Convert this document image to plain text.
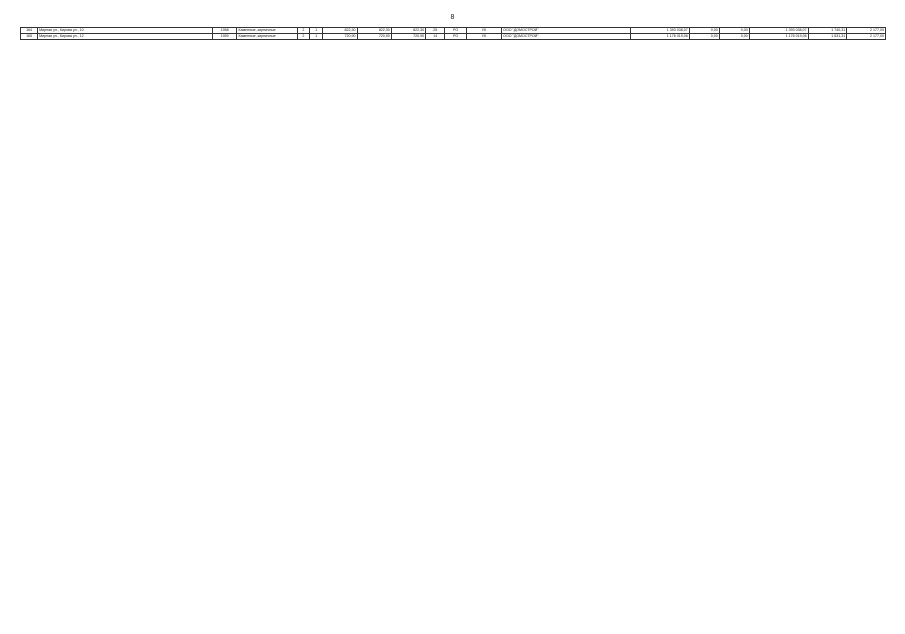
8
164	Мирная ул., Кирова ул., 10	1958	Каменные, кирпичные	2	1	822,30	822,30	822,30	25	РО	УК	ООО "ДОМОСТРОЙ"	1 393 038,07	0,00	0,00	1 393 038,07	1 740,31	2 177,00
165	Мирная ул., Кирова ул., 12	1959	Каменные, кирпичные	2	1	720,90	720,90	720,90	14	РО	УК	ООО "ДОМОСТРОЙ"	1 176 019,06	0,00	0,00	1 176 019,06	1 631,31	2 177,00
